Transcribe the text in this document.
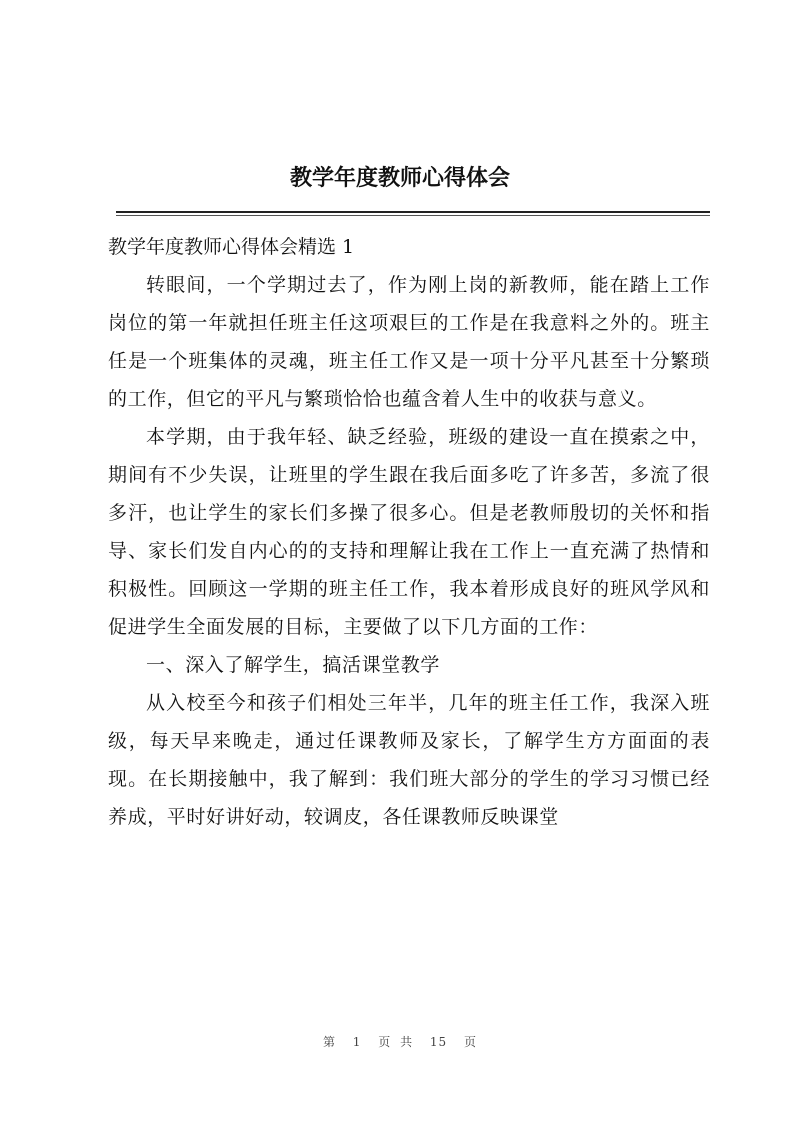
教学年度教师心得体会

教学年度教师心得体会精选 1

转眼间，一个学期过去了，作为刚上岗的新教师，能在踏上工作岗位的第一年就担任班主任这项艰巨的工作是在我意料之外的。班主任是一个班集体的灵魂，班主任工作又是一项十分平凡甚至十分繁琐的工作，但它的平凡与繁琐恰恰也蕴含着人生中的收获与意义。

本学期，由于我年轻、缺乏经验，班级的建设一直在摸索之中，期间有不少失误，让班里的学生跟在我后面多吃了许多苦，多流了很多汗，也让学生的家长们多操了很多心。但是老教师殷切的关怀和指导、家长们发自内心的的支持和理解让我在工作上一直充满了热情和积极性。回顾这一学期的班主任工作，我本着形成良好的班风学风和促进学生全面发展的目标，主要做了以下几方面的工作：

一、深入了解学生，搞活课堂教学

从入校至今和孩子们相处三年半，几年的班主任工作，我深入班级，每天早来晚走，通过任课教师及家长，了解学生方方面面的表现。在长期接触中，我了解到：我们班大部分的学生的学习习惯已经养成，平时好讲好动，较调皮，各任课教师反映课堂

第 1 页 共 15 页
